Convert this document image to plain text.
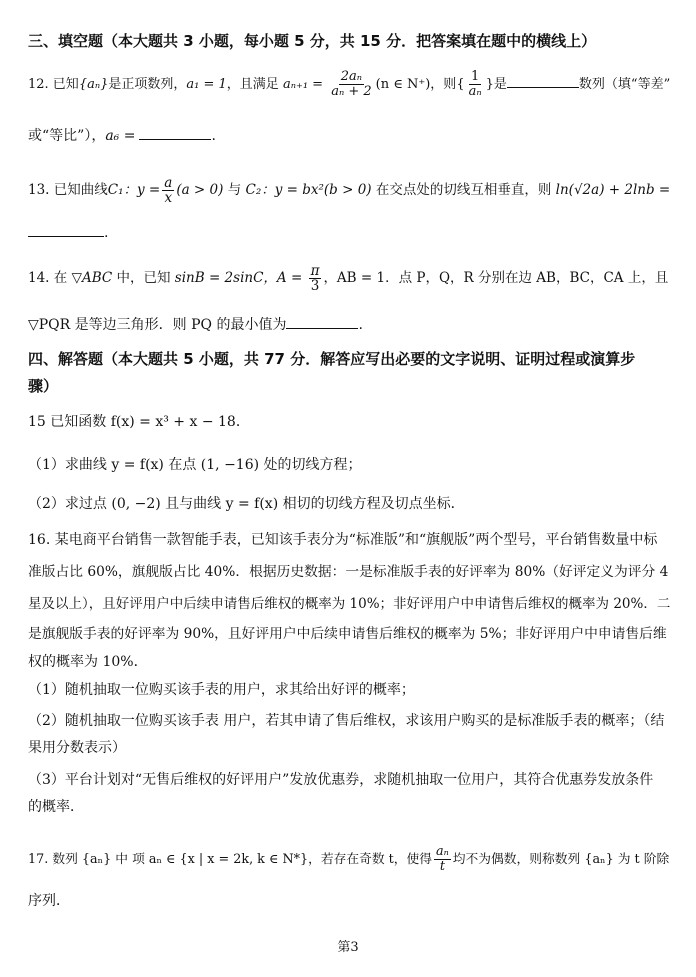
三、填空题（本大题共 3 小题，每小题 5 分，共 15 分．把答案填在题中的横线上）
12. 已知{aₙ}是正项数列，a₁ = 1，且满足 $a_{n+1} = \frac{\text{2aₙ}}{\text{aₙ + 2}} (n$ ∈ N⁺)，则{ $\frac{1}{\text{aₙ}}$ }是	数列（填“等差”
或“等比”），a₆ =	.
13. 已知曲线C₁：$y = \frac{a}{x} (a > 0)$ 与 C₂：y = bx²(b > 0) 在交点处的切线互相垂直，则 ln(√2a) + 2lnb =
.
14. 在 ▽ABC 中，已知 sinB = 2sinC，$A = \frac{\pi}{3}$ ，AB = 1．点 P，Q，R 分别在边 AB，BC，CA 上，且
▽PQR 是等边三角形．则 PQ 的最小值为	.
四、解答题（本大题共 5 小题，共 77 分．解答应写出必要的文字说明、证明过程或演算步
骤）
15 已知函数 f(x) = x³ + x − 18．
（1）求曲线 y = f(x) 在点 (1, −16) 处的切线方程；
（2）求过点 (0, −2) 且与曲线 y = f(x) 相切的切线方程及切点坐标．
16. 某电商平台销售一款智能手表，已知该手表分为“标准版”和“旗舰版”两个型号，平台销售数量中标
准版占比 60%，旗舰版占比 40%．根据历史数据：一是标准版手表的好评率为 80%（好评定义为评分 4
星及以上），且好评用户中后续申请售后维权的概率为 10%；非好评用户中申请售后维权的概率为 20%．二
是旗舰版手表的好评率为 90%，且好评用户中后续申请售后维权的概率为 5%；非好评用户中申请售后维
权的概率为 10%．
（1）随机抽取一位购买该手表的用户，求其给出好评的概率；
（2）随机抽取一位购买该手表 用户，若其申请了售后维权，求该用户购买的是标准版手表的概率；（结
果用分数表示）
（3）平台计划对“无售后维权的好评用户”发放优惠券，求随机抽取一位用户，其符合优惠券发放条件
的概率．
17. 数列 {aₙ} 中 项 aₙ ∈ {x | x = 2k, k ∈ N*}，若存在奇数 t，使得 $\frac{\text{aₙ}}{t}$ 均不为偶数，则称数列 {aₙ} 为 t 阶除
序列．
第3
